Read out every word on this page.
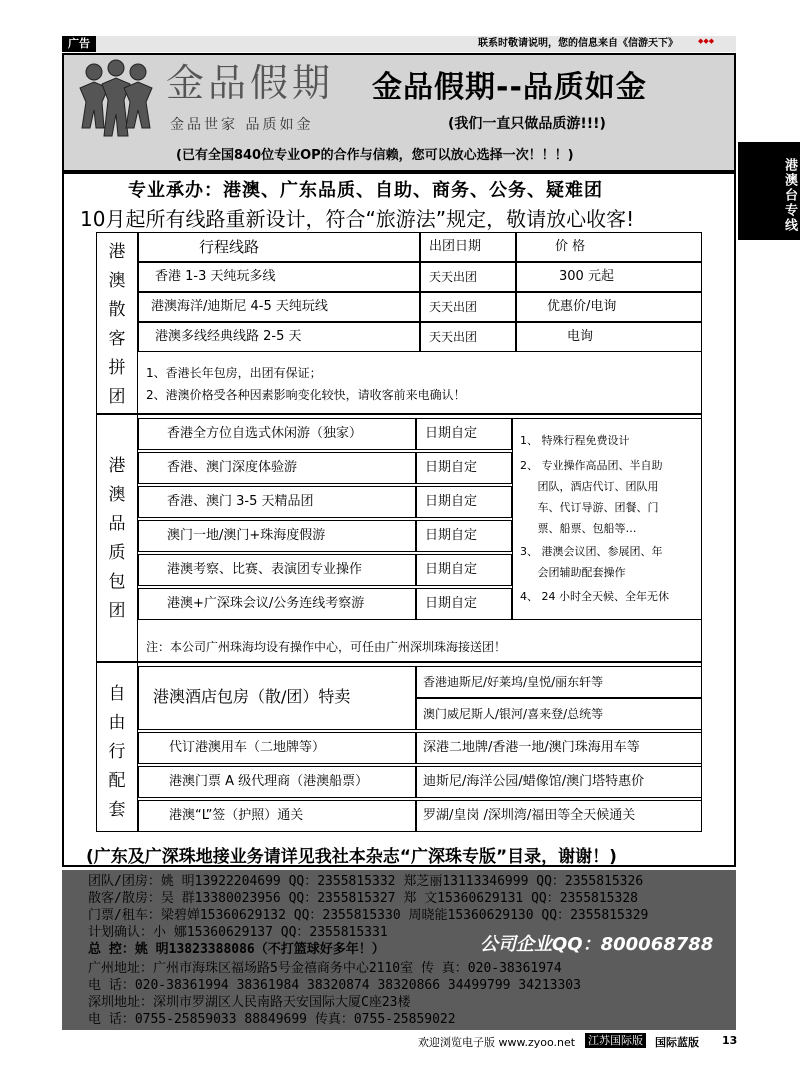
广告	联系时敬请说明，您的信息来自《信游天下》	◆◆◆
金品假期
金品世家 品质如金
金品假期--品质如金
(我们一直只做品质游!!!)
(已有全国840位专业OP的合作与信赖，您可以放心选择一次！！！)
港澳台专线
专业承办：港澳、广东品质、自助、商务、公务、疑难团
10月起所有线路重新设计，符合“旅游法”规定，敬请放心收客!
港澳散客拼团
行程线路	出团日期	价 格
香港 1-3 天纯玩多线	天天出团	300 元起
港澳海洋/迪斯尼 4-5 天纯玩线	天天出团	优惠价/电询
港澳多线经典线路 2-5 天	天天出团	电询
1、香港长年包房，出团有保证；
2、港澳价格受各种因素影响变化较快，请收客前来电确认！
港澳品质包团
香港全方位自选式休闲游（独家）	日期自定
香港、澳门深度体验游	日期自定
香港、澳门 3-5 天精品团	日期自定
澳门一地/澳门+珠海度假游	日期自定
港澳考察、比赛、表演团专业操作	日期自定
港澳+广深珠会议/公务连线考察游	日期自定
1、 特殊行程免费设计
2、 专业操作高品团、半自助
团队，酒店代订、团队用
车、代订导游、团餐、门
票、船票、包船等…
3、 港澳会议团、参展团、年
会团辅助配套操作
4、 24 小时全天候、全年无休
注：本公司广州珠海均设有操作中心，可任由广州深圳珠海接送团！
自由行配套
港澳酒店包房（散/团）特卖
香港迪斯尼/好莱坞/皇悦/丽东轩等
澳门威尼斯人/银河/喜来登/总统等
代订港澳用车（二地牌等）	深港二地牌/香港一地/澳门珠海用车等
港澳门票 A 级代理商（港澳船票）	迪斯尼/海洋公园/蜡像馆/澳门塔特惠价
港澳“L”签（护照）通关	罗湖/皇岗 /深圳湾/福田等全天候通关
(广东及广深珠地接业务请详见我社本杂志“广深珠专版”目录，谢谢！)
团队/团房：姚 明13922204699 QQ：2355815332 郑芝丽13113346999 QQ：2355815326
散客/散房：吴 群13380023956 QQ：2355815327 郑 文15360629131 QQ：2355815328
门票/租车：梁碧婵15360629132 QQ：2355815330 周晓能15360629130 QQ：2355815329
计划确认：小 娜15360629137 QQ：2355815331
总 控：姚 明13823388086（不打篮球好多年！）
广州地址：广州市海珠区福场路5号金禧商务中心2110室 传 真：020-38361974
电 话：020-38361994 38361984 38320874 38320866 34499799 34213303
深圳地址：深圳市罗湖区人民南路天安国际大厦C座23楼
电 话：0755-25859033 88849699 传真：0755-25859022
公司企业QQ：800068788
欢迎浏览电子版 www.zyoo.net 江苏国际版 国际蓝版 13
